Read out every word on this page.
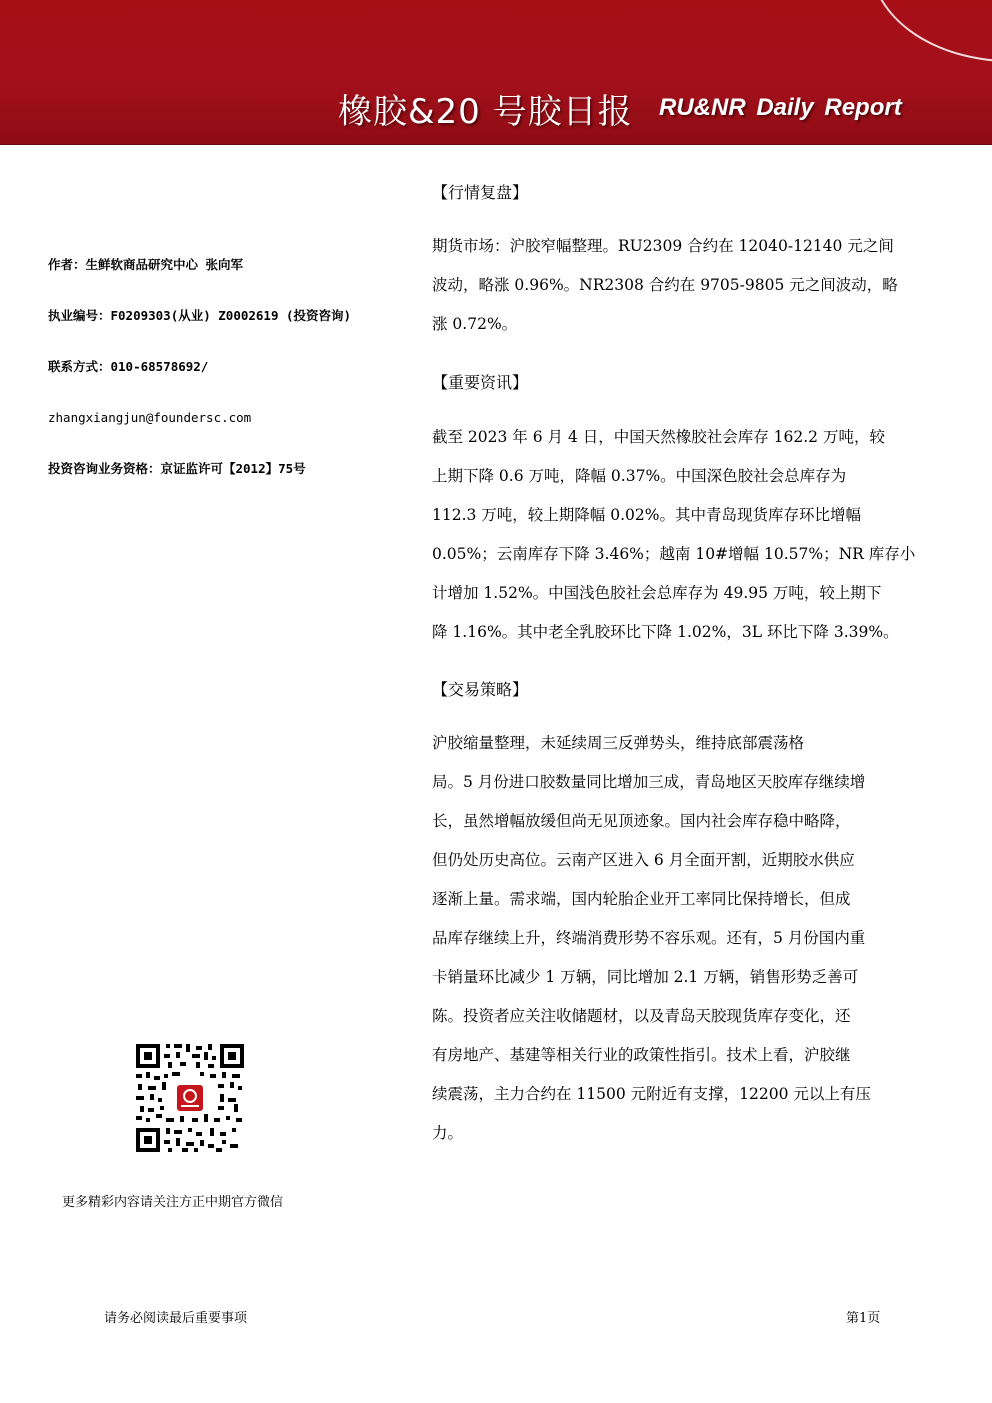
橡胶&20 号胶日报 RU&NR Daily Report
作者：生鲜软商品研究中心 张向军
执业编号：F0209303(从业) Z0002619 (投资咨询)
联系方式：010-68578692/
zhangxiangjun@foundersc.com
投资咨询业务资格：京证监许可【2012】75号
更多精彩内容请关注方正中期官方微信
【行情复盘】
期货市场：沪胶窄幅整理。RU2309 合约在 12040-12140 元之间
波动，略涨 0.96%。NR2308 合约在 9705-9805 元之间波动，略
涨 0.72%。
【重要资讯】
截至 2023 年 6 月 4 日，中国天然橡胶社会库存 162.2 万吨，较
上期下降 0.6 万吨，降幅 0.37%。中国深色胶社会总库存为
112.3 万吨，较上期降幅 0.02%。其中青岛现货库存环比增幅
0.05%；云南库存下降 3.46%；越南 10#增幅 10.57%；NR 库存小
计增加 1.52%。中国浅色胶社会总库存为 49.95 万吨，较上期下
降 1.16%。其中老全乳胶环比下降 1.02%，3L 环比下降 3.39%。
【交易策略】
沪胶缩量整理，未延续周三反弹势头，维持底部震荡格
局。5 月份进口胶数量同比增加三成，青岛地区天胶库存继续增
长，虽然增幅放缓但尚无见顶迹象。国内社会库存稳中略降，
但仍处历史高位。云南产区进入 6 月全面开割，近期胶水供应
逐渐上量。需求端，国内轮胎企业开工率同比保持增长，但成
品库存继续上升，终端消费形势不容乐观。还有，5 月份国内重
卡销量环比减少 1 万辆，同比增加 2.1 万辆，销售形势乏善可
陈。投资者应关注收储题材，以及青岛天胶现货库存变化，还
有房地产、基建等相关行业的政策性指引。技术上看，沪胶继
续震荡，主力合约在 11500 元附近有支撑，12200 元以上有压
力。
请务必阅读最后重要事项	第1页
